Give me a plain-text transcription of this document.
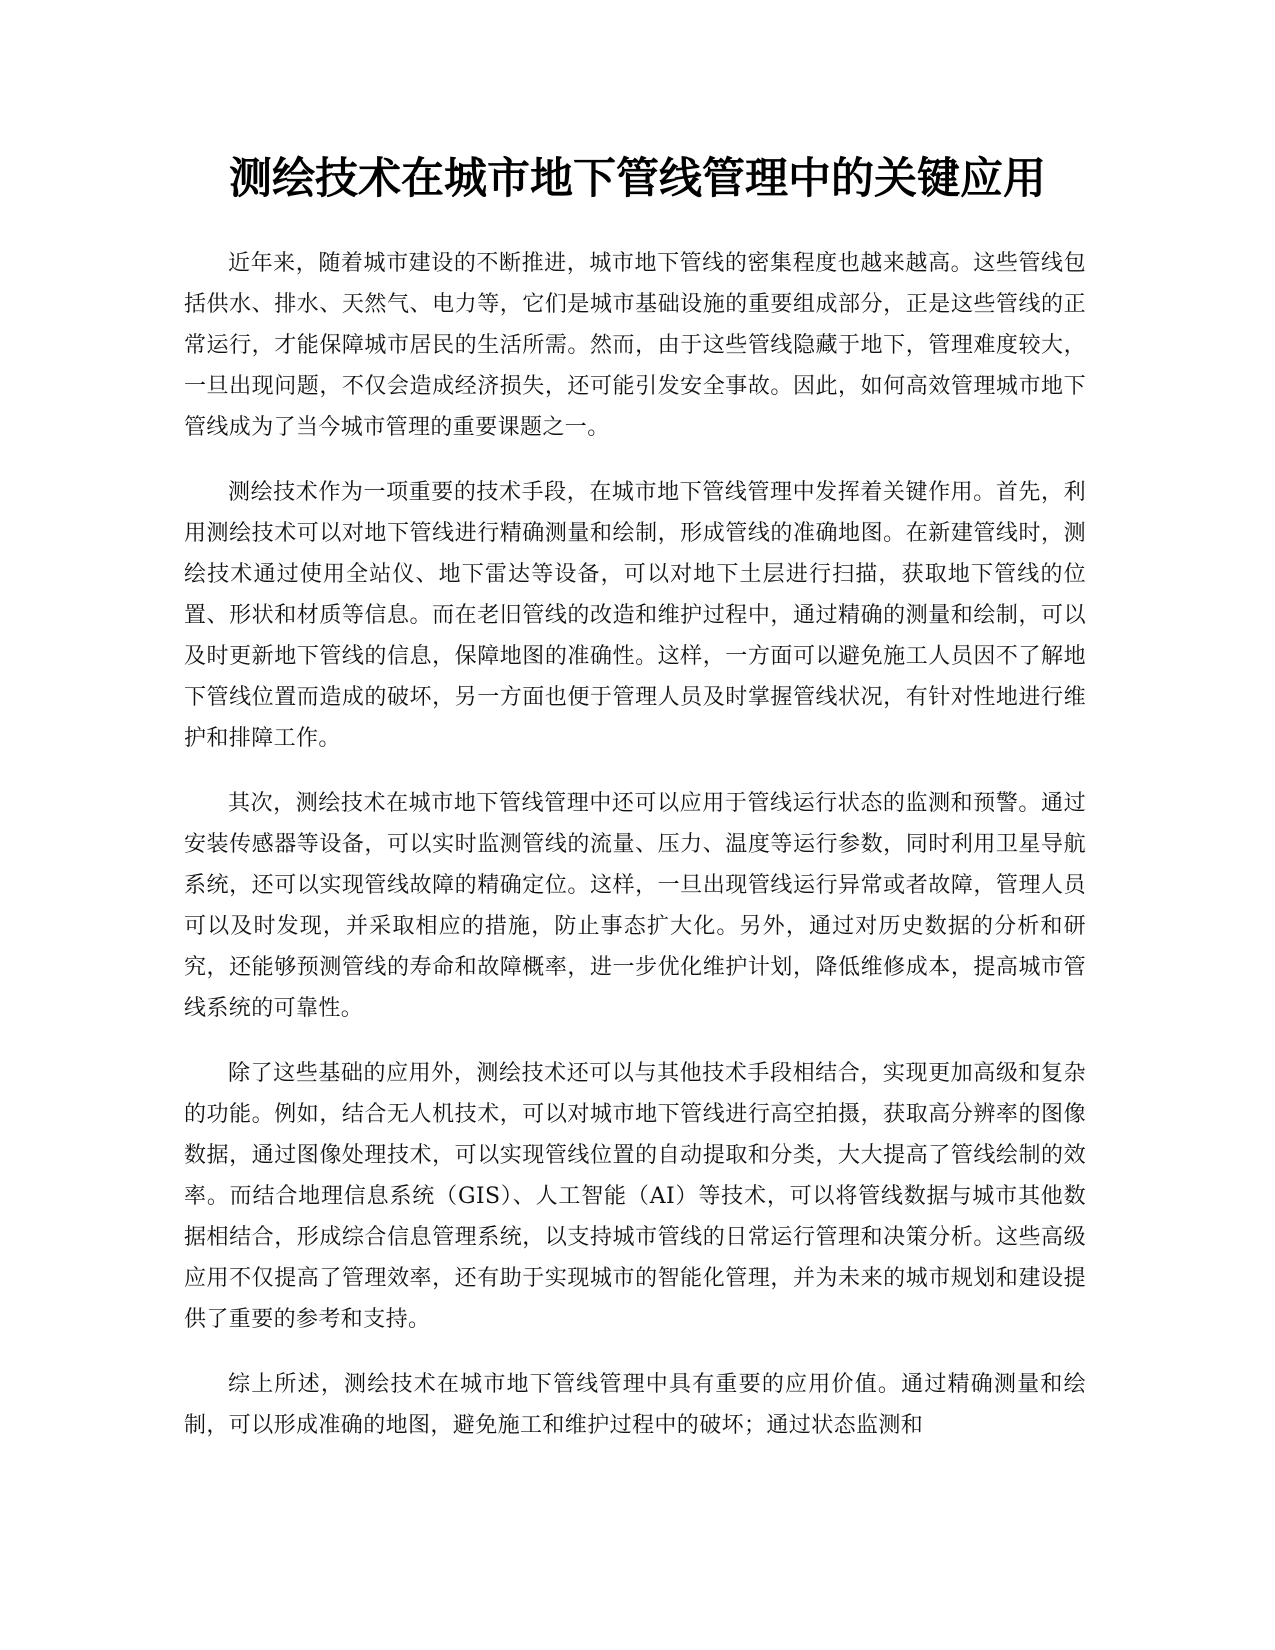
测绘技术在城市地下管线管理中的关键应用

近年来，随着城市建设的不断推进，城市地下管线的密集程度也越来越高。这些管线包括供水、排水、天然气、电力等，它们是城市基础设施的重要组成部分，正是这些管线的正常运行，才能保障城市居民的生活所需。然而，由于这些管线隐藏于地下，管理难度较大，一旦出现问题，不仅会造成经济损失，还可能引发安全事故。因此，如何高效管理城市地下管线成为了当今城市管理的重要课题之一。

测绘技术作为一项重要的技术手段，在城市地下管线管理中发挥着关键作用。首先，利用测绘技术可以对地下管线进行精确测量和绘制，形成管线的准确地图。在新建管线时，测绘技术通过使用全站仪、地下雷达等设备，可以对地下土层进行扫描，获取地下管线的位置、形状和材质等信息。而在老旧管线的改造和维护过程中，通过精确的测量和绘制，可以及时更新地下管线的信息，保障地图的准确性。这样，一方面可以避免施工人员因不了解地下管线位置而造成的破坏，另一方面也便于管理人员及时掌握管线状况，有针对性地进行维护和排障工作。

其次，测绘技术在城市地下管线管理中还可以应用于管线运行状态的监测和预警。通过安装传感器等设备，可以实时监测管线的流量、压力、温度等运行参数，同时利用卫星导航系统，还可以实现管线故障的精确定位。这样，一旦出现管线运行异常或者故障，管理人员可以及时发现，并采取相应的措施，防止事态扩大化。另外，通过对历史数据的分析和研究，还能够预测管线的寿命和故障概率，进一步优化维护计划，降低维修成本，提高城市管线系统的可靠性。

除了这些基础的应用外，测绘技术还可以与其他技术手段相结合，实现更加高级和复杂的功能。例如，结合无人机技术，可以对城市地下管线进行高空拍摄，获取高分辨率的图像数据，通过图像处理技术，可以实现管线位置的自动提取和分类，大大提高了管线绘制的效率。而结合地理信息系统（GIS）、人工智能（AI）等技术，可以将管线数据与城市其他数据相结合，形成综合信息管理系统，以支持城市管线的日常运行管理和决策分析。这些高级应用不仅提高了管理效率，还有助于实现城市的智能化管理，并为未来的城市规划和建设提供了重要的参考和支持。

综上所述，测绘技术在城市地下管线管理中具有重要的应用价值。通过精确测量和绘制，可以形成准确的地图，避免施工和维护过程中的破坏；通过状态监测和
